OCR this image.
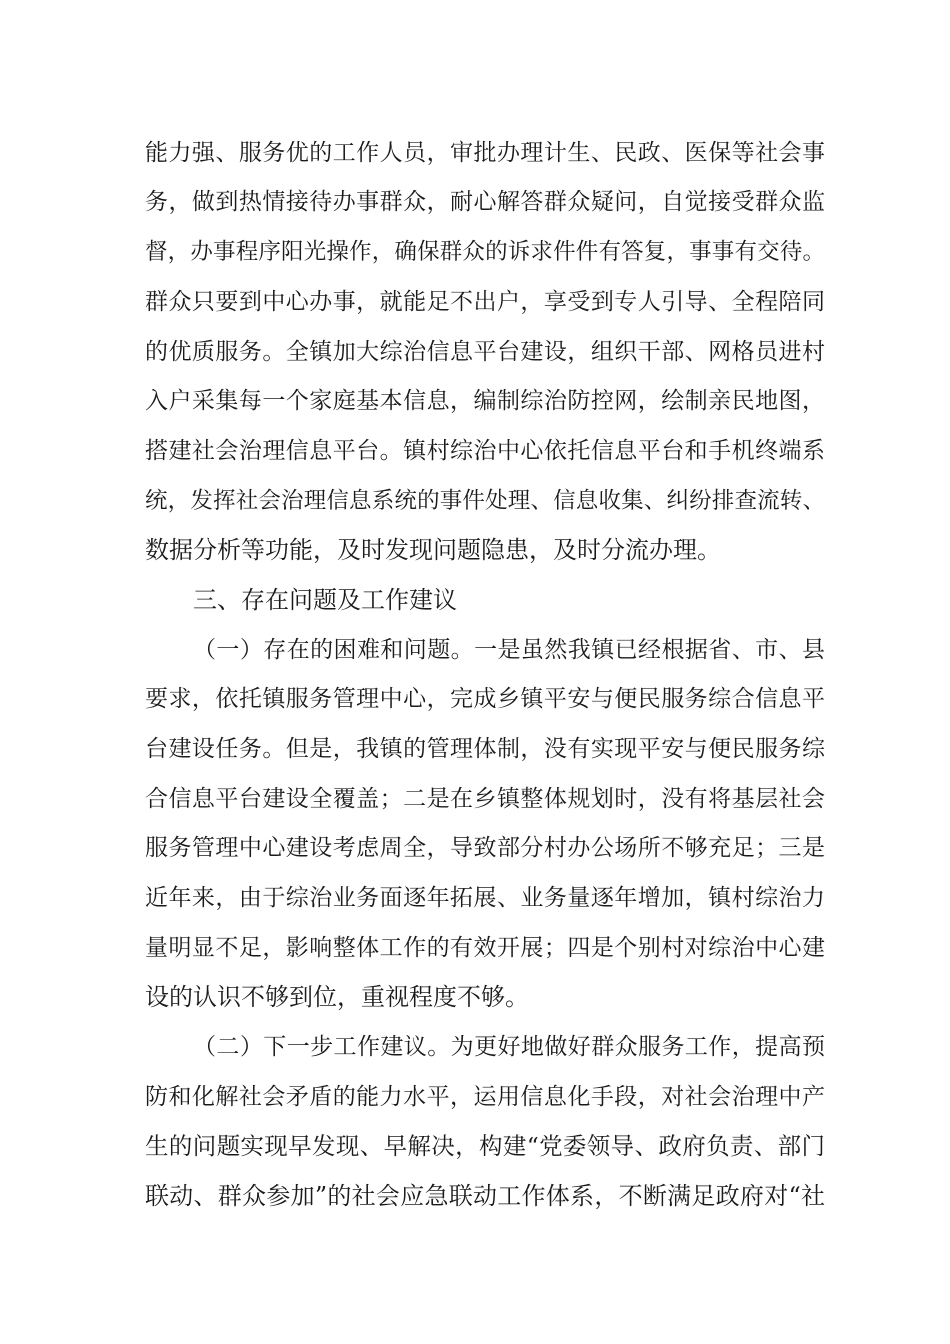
能力强、服务优的工作人员，审批办理计生、民政、医保等社会事
务，做到热情接待办事群众，耐心解答群众疑问，自觉接受群众监
督，办事程序阳光操作，确保群众的诉求件件有答复，事事有交待。
群众只要到中心办事，就能足不出户，享受到专人引导、全程陪同
的优质服务。全镇加大综治信息平台建设，组织干部、网格员进村
入户采集每一个家庭基本信息，编制综治防控网，绘制亲民地图，
搭建社会治理信息平台。镇村综治中心依托信息平台和手机终端系
统，发挥社会治理信息系统的事件处理、信息收集、纠纷排查流转、
数据分析等功能，及时发现问题隐患，及时分流办理。
三、存在问题及工作建议
（一）存在的困难和问题。一是虽然我镇已经根据省、市、县
要求，依托镇服务管理中心，完成乡镇平安与便民服务综合信息平
台建设任务。但是，我镇的管理体制，没有实现平安与便民服务综
合信息平台建设全覆盖；二是在乡镇整体规划时，没有将基层社会
服务管理中心建设考虑周全，导致部分村办公场所不够充足；三是
近年来，由于综治业务面逐年拓展、业务量逐年增加，镇村综治力
量明显不足，影响整体工作的有效开展；四是个别村对综治中心建
设的认识不够到位，重视程度不够。
（二）下一步工作建议。为更好地做好群众服务工作，提高预
防和化解社会矛盾的能力水平，运用信息化手段，对社会治理中产
生的问题实现早发现、早解决，构建“党委领导、政府负责、部门
联动、群众参加”的社会应急联动工作体系，不断满足政府对“社
